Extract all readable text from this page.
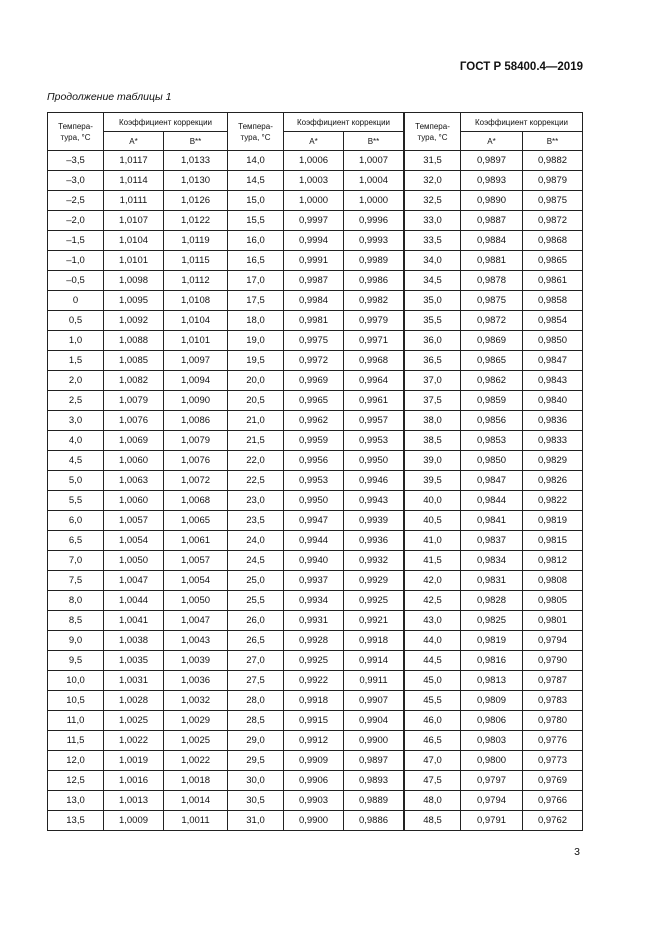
ГОСТ Р 58400.4—2019
Продолжение таблицы 1
Темпера-
тура, °С	Коэффициент коррекции	
	A*	B**
–3,5	1,0117	1,0133
–3,0	1,0114	1,0130
–2,5	1,0111	1,0126
–2,0	1,0107	1,0122
–1,5	1,0104	1,0119
–1,0	1,0101	1,0115
–0,5	1,0098	1,0112
0	1,0095	1,0108
0,5	1,0092	1,0104
1,0	1,0088	1,0101
1,5	1,0085	1,0097
2,0	1,0082	1,0094
2,5	1,0079	1,0090
3,0	1,0076	1,0086
4,0	1,0069	1,0079
4,5	1,0060	1,0076
5,0	1,0063	1,0072
5,5	1,0060	1,0068
6,0	1,0057	1,0065
6,5	1,0054	1,0061
7,0	1,0050	1,0057
7,5	1,0047	1,0054
8,0	1,0044	1,0050
8,5	1,0041	1,0047
9,0	1,0038	1,0043
9,5	1,0035	1,0039
10,0	1,0031	1,0036
10,5	1,0028	1,0032
11,0	1,0025	1,0029
11,5	1,0022	1,0025
12,0	1,0019	1,0022
12,5	1,0016	1,0018
13,0	1,0013	1,0014
13,5	1,0009	1,0011
Темпера-
тура, °С	Коэффициент коррекции	
	A*	B**
14,0	1,0006	1,0007
14,5	1,0003	1,0004
15,0	1,0000	1,0000
15,5	0,9997	0,9996
16,0	0,9994	0,9993
16,5	0,9991	0,9989
17,0	0,9987	0,9986
17,5	0,9984	0,9982
18,0	0,9981	0,9979
19,0	0,9975	0,9971
19,5	0,9972	0,9968
20,0	0,9969	0,9964
20,5	0,9965	0,9961
21,0	0,9962	0,9957
21,5	0,9959	0,9953
22,0	0,9956	0,9950
22,5	0,9953	0,9946
23,0	0,9950	0,9943
23,5	0,9947	0,9939
24,0	0,9944	0,9936
24,5	0,9940	0,9932
25,0	0,9937	0,9929
25,5	0,9934	0,9925
26,0	0,9931	0,9921
26,5	0,9928	0,9918
27,0	0,9925	0,9914
27,5	0,9922	0,9911
28,0	0,9918	0,9907
28,5	0,9915	0,9904
29,0	0,9912	0,9900
29,5	0,9909	0,9897
30,0	0,9906	0,9893
30,5	0,9903	0,9889
31,0	0,9900	0,9886
Темпера-
тура, °С	Коэффициент коррекции	
	A*	B**
31,5	0,9897	0,9882
32,0	0,9893	0,9879
32,5	0,9890	0,9875
33,0	0,9887	0,9872
33,5	0,9884	0,9868
34,0	0,9881	0,9865
34,5	0,9878	0,9861
35,0	0,9875	0,9858
35,5	0,9872	0,9854
36,0	0,9869	0,9850
36,5	0,9865	0,9847
37,0	0,9862	0,9843
37,5	0,9859	0,9840
38,0	0,9856	0,9836
38,5	0,9853	0,9833
39,0	0,9850	0,9829
39,5	0,9847	0,9826
40,0	0,9844	0,9822
40,5	0,9841	0,9819
41,0	0,9837	0,9815
41,5	0,9834	0,9812
42,0	0,9831	0,9808
42,5	0,9828	0,9805
43,0	0,9825	0,9801
44,0	0,9819	0,9794
44,5	0,9816	0,9790
45,0	0,9813	0,9787
45,5	0,9809	0,9783
46,0	0,9806	0,9780
46,5	0,9803	0,9776
47,0	0,9800	0,9773
47,5	0,9797	0,9769
48,0	0,9794	0,9766
48,5	0,9791	0,9762
3
